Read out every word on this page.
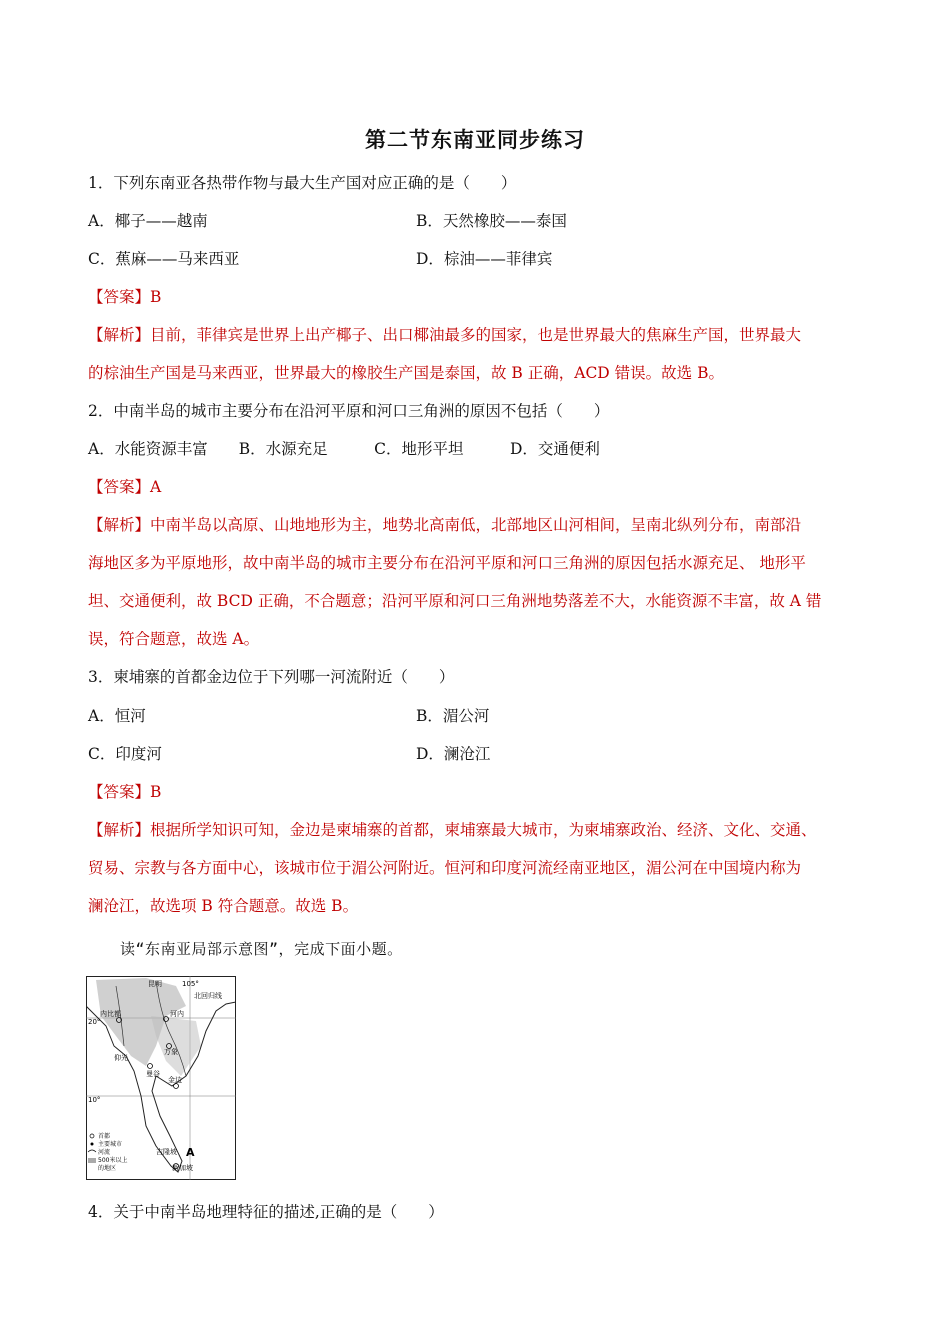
第二节东南亚同步练习
1．下列东南亚各热带作物与最大生产国对应正确的是（　　）
A．椰子——越南	B．天然橡胶——泰国
C．蕉麻——马来西亚	D．棕油——菲律宾
【答案】B
【解析】目前，菲律宾是世界上出产椰子、出口椰油最多的国家，也是世界最大的焦麻生产国，世界最大
的棕油生产国是马来西亚，世界最大的橡胶生产国是泰国，故 B 正确，ACD 错误。故选 B。
2．中南半岛的城市主要分布在沿河平原和河口三角洲的原因不包括（　　）
A．水能资源丰富　　B．水源充足　　　C．地形平坦　　　D．交通便利
【答案】A
【解析】中南半岛以高原、山地地形为主，地势北高南低，北部地区山河相间，呈南北纵列分布，南部沿
海地区多为平原地形，故中南半岛的城市主要分布在沿河平原和河口三角洲的原因包括水源充足、 地形平
坦、交通便利，故 BCD 正确，不合题意；沿河平原和河口三角洲地势落差不大，水能资源不丰富，故 A 错
误，符合题意，故选 A。
3．柬埔寨的首都金边位于下列哪一河流附近（　　）
A．恒河	B．湄公河
C．印度河	D．澜沧江
【答案】B
【解析】根据所学知识可知，金边是柬埔寨的首都，柬埔寨最大城市，为柬埔寨政治、经济、文化、交通、
贸易、宗教与各方面中心，该城市位于湄公河附近。恒河和印度河流经南亚地区，湄公河在中国境内称为
澜沧江，故选项 B 符合题意。故选 B。
读“东南亚局部示意图”，完成下面小题。
昆明	105°
北回归线
20°
内比都	河内
万象
仰光
曼谷
金边
10°
吉隆坡 A
新加坡
首都
主要城市
河流
500米以上
的地区
4．关于中南半岛地理特征的描述,正确的是（　　）
